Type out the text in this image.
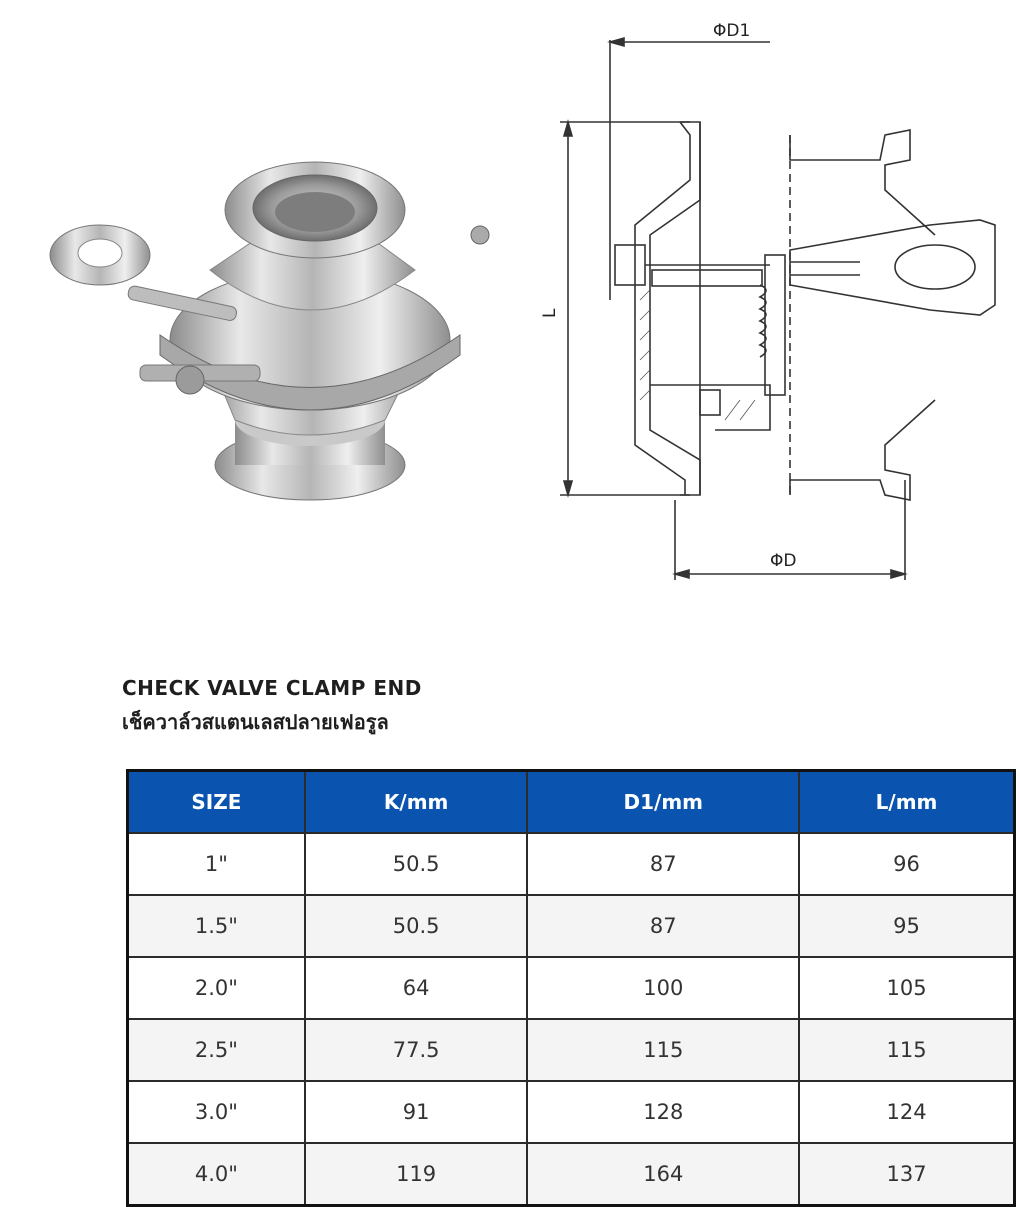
ΦD1
ΦD
L
CHECK VALVE CLAMP END
เช็ควาล์วสแตนเลสปลายเฟอรูล
SIZE	K/mm	D1/mm	L/mm
1"	50.5	87	96
1.5"	50.5	87	95
2.0"	64	100	105
2.5"	77.5	115	115
3.0"	91	128	124
4.0"	119	164	137
